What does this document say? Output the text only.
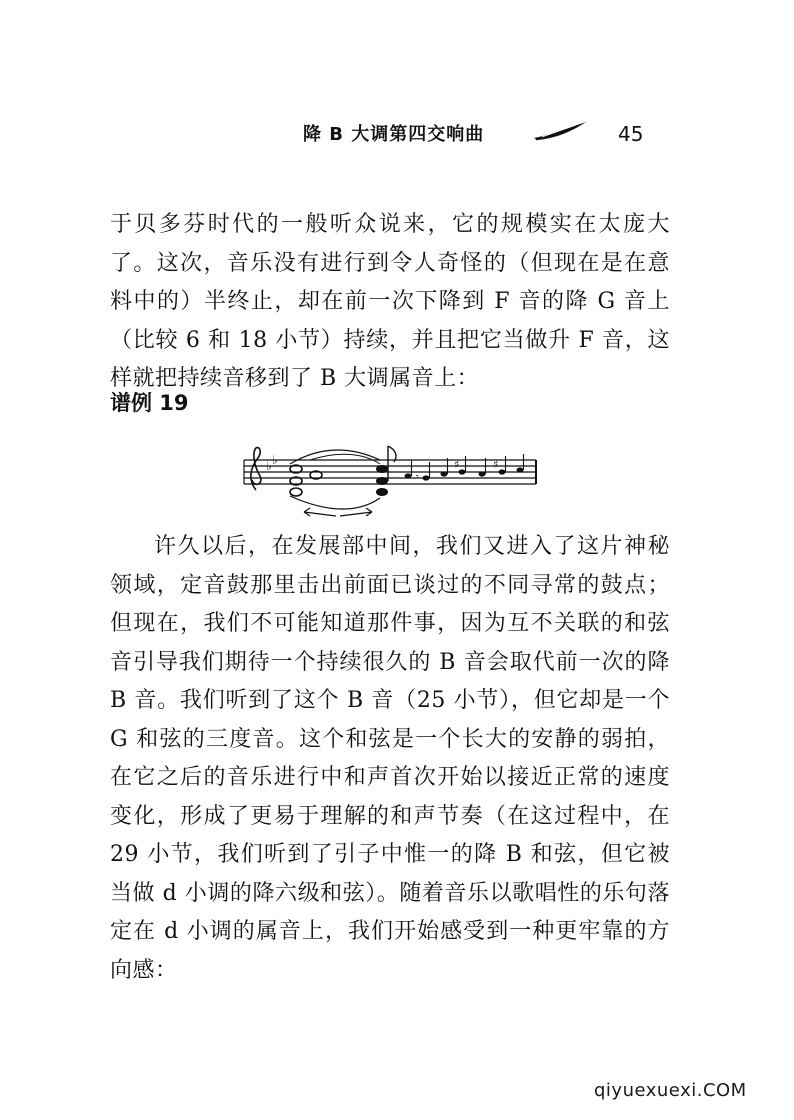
降 B 大调第四交响曲	45

于贝多芬时代的一般听众说来，它的规模实在太庞大了。这次，音乐没有进行到令人奇怪的（但现在是在意料中的）半终止，却在前一次下降到 F 音的降 G 音上（比较 6 和 18 小节）持续，并且把它当做升 F 音，这样就把持续音移到了 B 大调属音上：

谱例 19
♭ ♭
𝄾
♯	♯

许久以后，在发展部中间，我们又进入了这片神秘领域，定音鼓那里击出前面已谈过的不同寻常的鼓点；但现在，我们不可能知道那件事，因为互不关联的和弦音引导我们期待一个持续很久的 B 音会取代前一次的降 B 音。我们听到了这个 B 音（25 小节），但它却是一个 G 和弦的三度音。这个和弦是一个长大的安静的弱拍，在它之后的音乐进行中和声首次开始以接近正常的速度变化，形成了更易于理解的和声节奏（在这过程中，在 29 小节，我们听到了引子中惟一的降 B 和弦，但它被当做 d 小调的降六级和弦）。随着音乐以歌唱性的乐句落定在 d 小调的属音上，我们开始感受到一种更牢靠的方向感：

qiyuexuexi.COM
